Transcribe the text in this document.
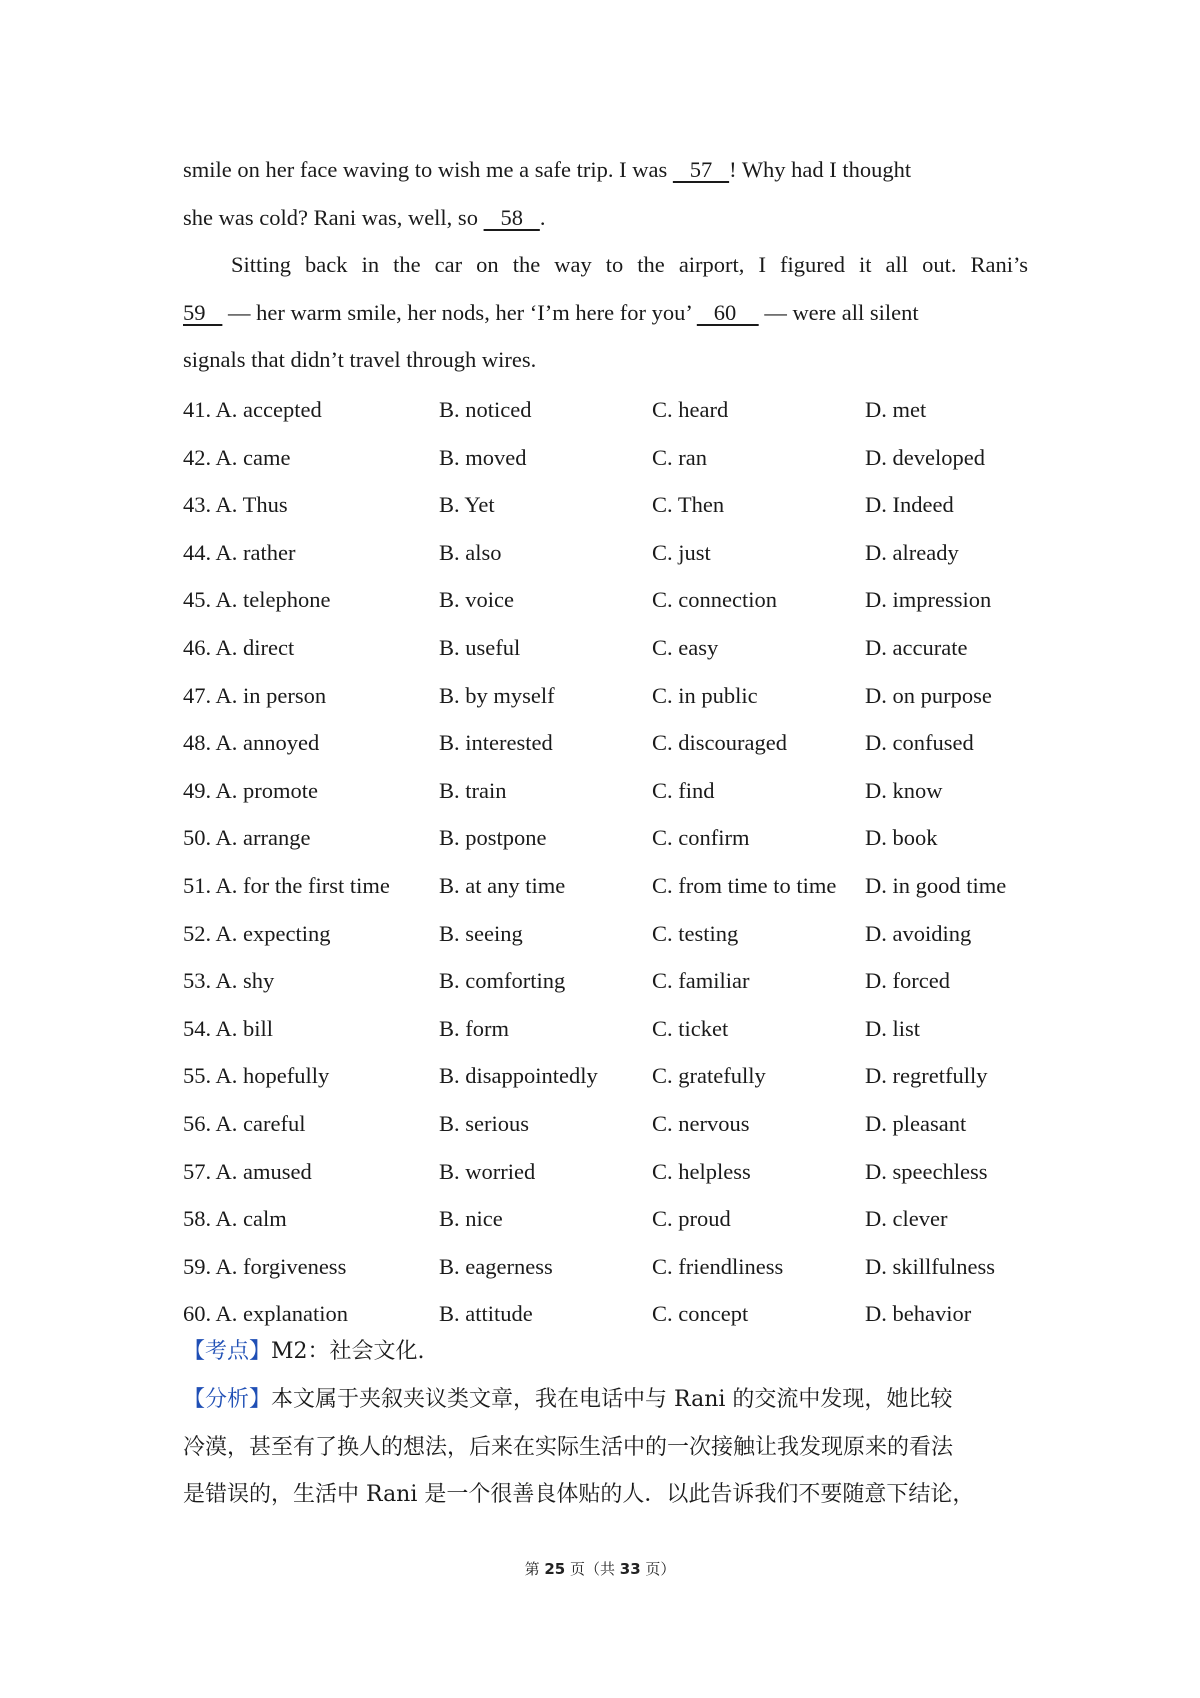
smile on her face waving to wish me a safe trip. I was    57   ! Why had I thought
she was cold? Rani was, well, so    58   .
Sitting back in the car on the way to the airport, I figured it all out. Rani’s
59    — her warm smile, her nods, her ‘I’m here for you’    60     — were all silent
signals that didn’t travel through wires.
41. A. accepted	B. noticed	C. heard	D. met
42. A. came	B. moved	C. ran	D. developed
43. A. Thus	B. Yet	C. Then	D. Indeed
44. A. rather	B. also	C. just	D. already
45. A. telephone	B. voice	C. connection	D. impression
46. A. direct	B. useful	C. easy	D. accurate
47. A. in person	B. by myself	C. in public	D. on purpose
48. A. annoyed	B. interested	C. discouraged	D. confused
49. A. promote	B. train	C. find	D. know
50. A. arrange	B. postpone	C. confirm	D. book
51. A. for the first time B. at any time	C. from time to time D. in good time
52. A. expecting	B. seeing	C. testing	D. avoiding
53. A. shy	B. comforting	C. familiar	D. forced
54. A. bill	B. form	C. ticket	D. list
55. A. hopefully	B. disappointedly C. gratefully	D. regretfully
56. A. careful	B. serious	C. nervous	D. pleasant
57. A. amused	B. worried	C. helpless	D. speechless
58. A. calm	B. nice	C. proud	D. clever
59. A. forgiveness	B. eagerness	C. friendliness	D. skillfulness
60. A. explanation	B. attitude	C. concept	D. behavior
【考点】M2：社会文化.
【分析】本文属于夹叙夹议类文章，我在电话中与 Rani 的交流中发现，她比较
冷漠，甚至有了换人的想法，后来在实际生活中的一次接触让我发现原来的看法
是错误的，生活中 Rani 是一个很善良体贴的人．以此告诉我们不要随意下结论，
第 25 页（共 33 页）
